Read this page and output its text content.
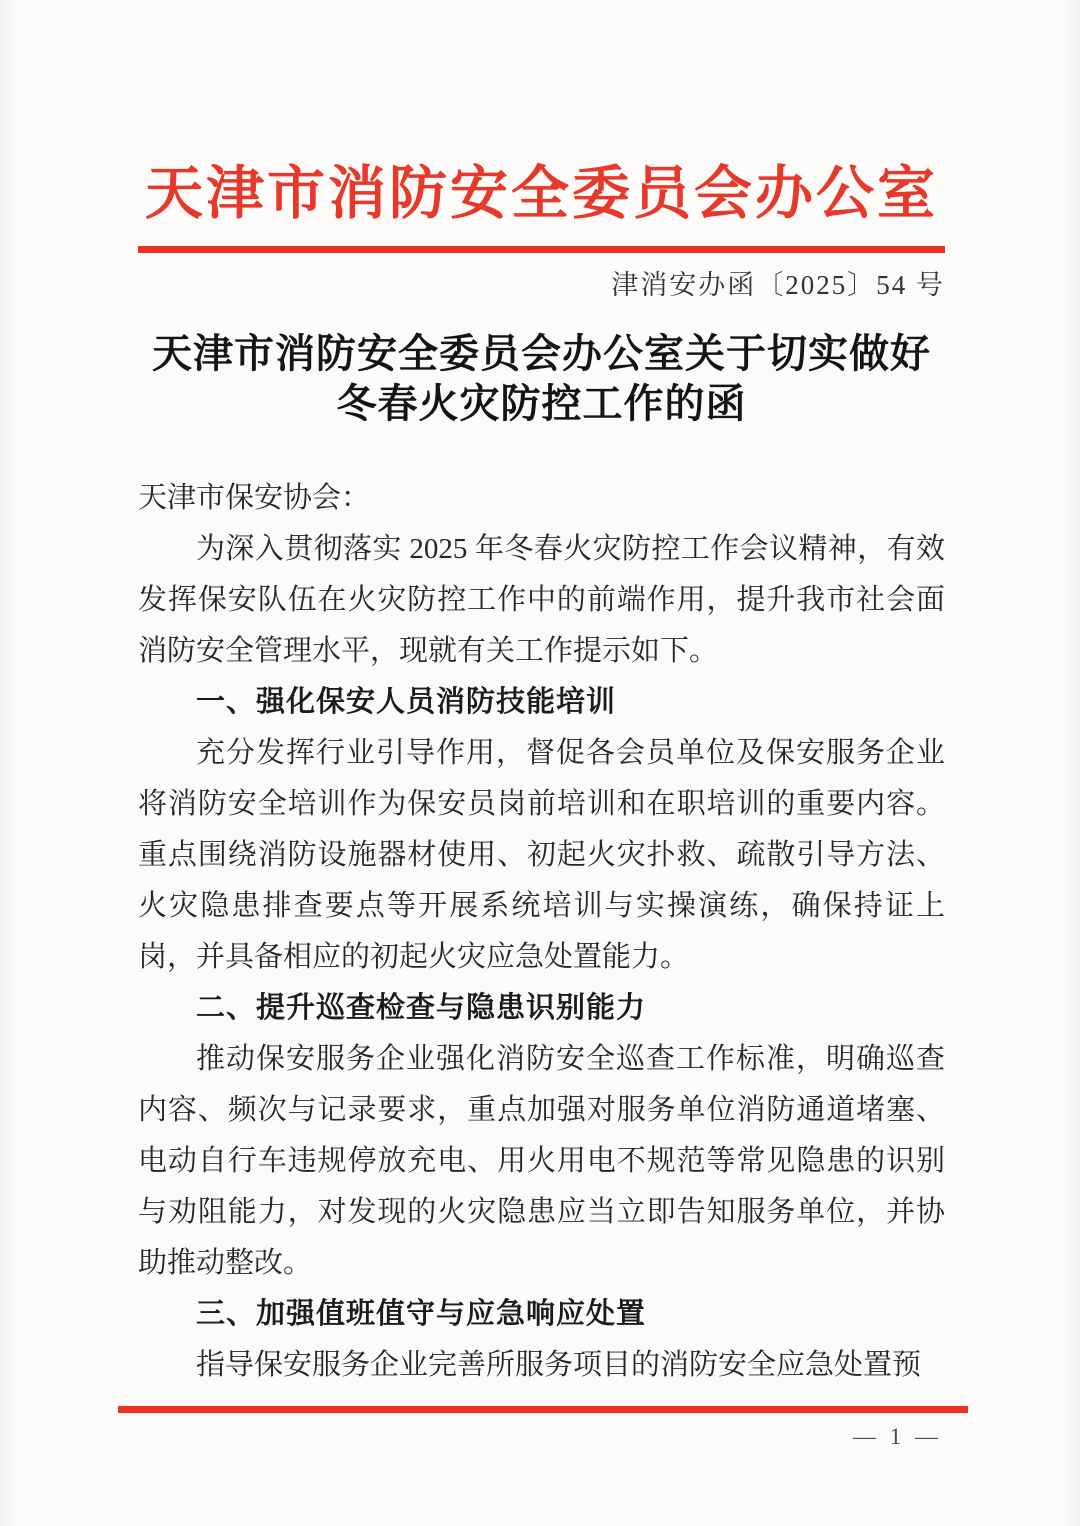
天津市消防安全委员会办公室
津消安办函〔2025〕54 号
天津市消防安全委员会办公室关于切实做好
冬春火灾防控工作的函

天津市保安协会：

为深入贯彻落实 2025 年冬春火灾防控工作会议精神，有效发挥保安队伍在火灾防控工作中的前端作用，提升我市社会面消防安全管理水平，现就有关工作提示如下。

一、强化保安人员消防技能培训

充分发挥行业引导作用，督促各会员单位及保安服务企业将消防安全培训作为保安员岗前培训和在职培训的重要内容。重点围绕消防设施器材使用、初起火灾扑救、疏散引导方法、火灾隐患排查要点等开展系统培训与实操演练，确保持证上岗，并具备相应的初起火灾应急处置能力。

二、提升巡查检查与隐患识别能力

推动保安服务企业强化消防安全巡查工作标准，明确巡查内容、频次与记录要求，重点加强对服务单位消防通道堵塞、电动自行车违规停放充电、用火用电不规范等常见隐患的识别与劝阻能力，对发现的火灾隐患应当立即告知服务单位，并协助推动整改。

三、加强值班值守与应急响应处置

指导保安服务企业完善所服务项目的消防安全应急处置预

— 1 —
